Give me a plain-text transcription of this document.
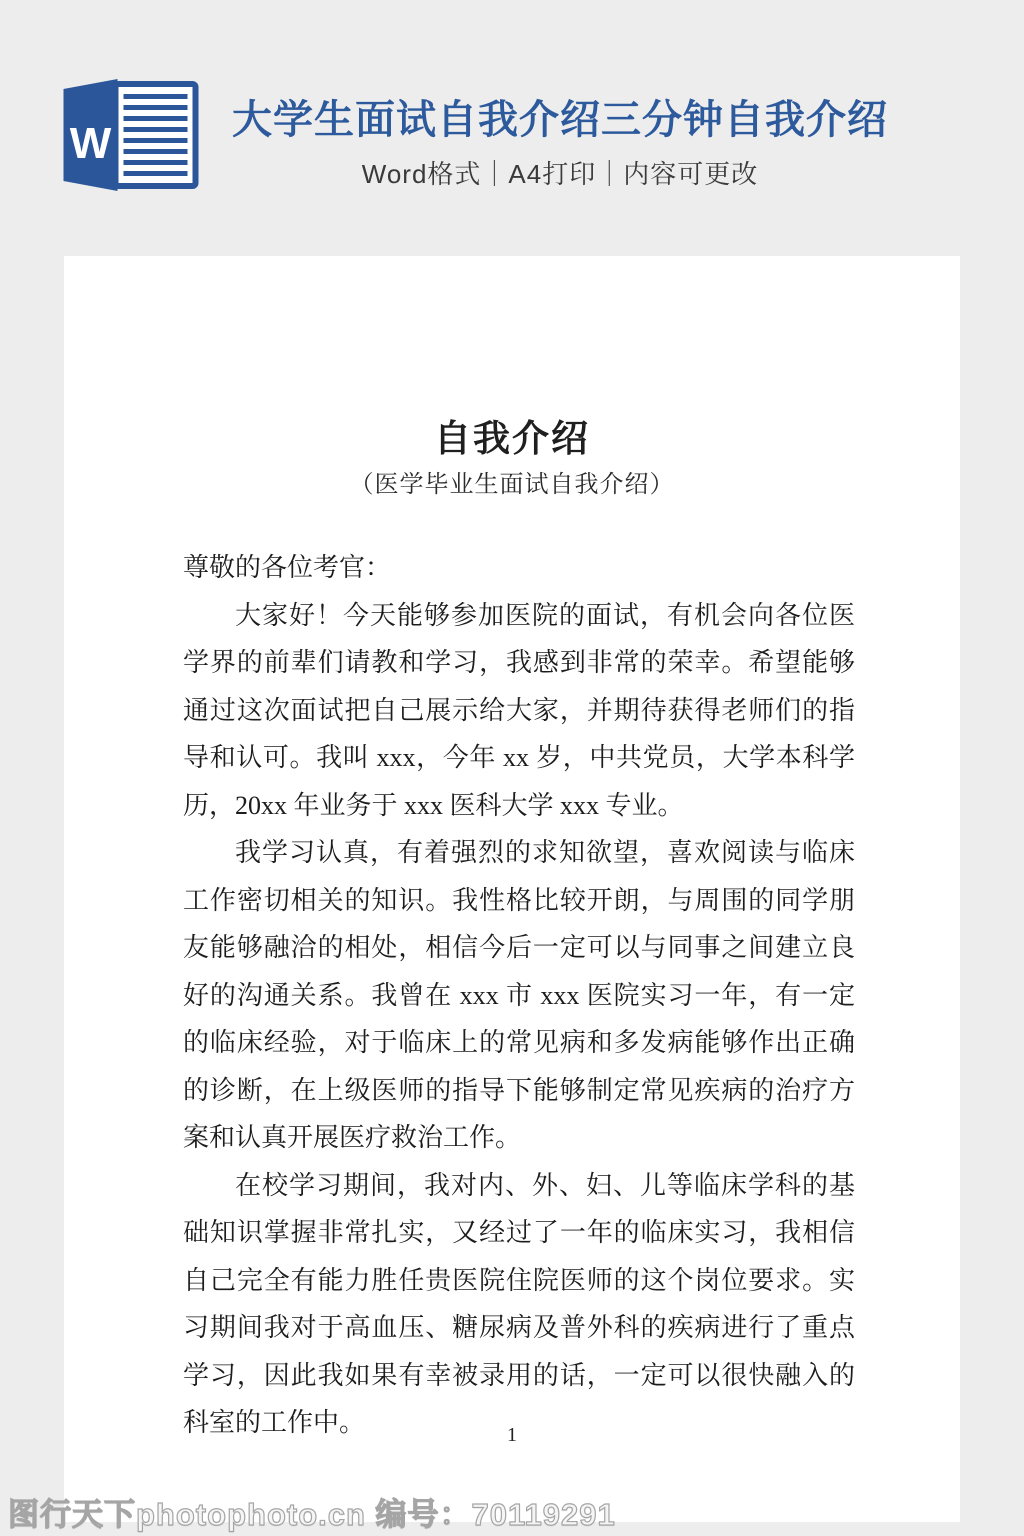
W	大学生面试自我介绍三分钟自我介绍
Word格式｜A4打印｜内容可更改
自我介绍
（医学毕业生面试自我介绍）

尊敬的各位考官：

大家好！今天能够参加医院的面试，有机会向各位医学界的前辈们请教和学习，我感到非常的荣幸。希望能够通过这次面试把自己展示给大家，并期待获得老师们的指导和认可。我叫 xxx，今年 xx 岁，中共党员，大学本科学历，20xx 年业务于 xxx 医科大学 xxx 专业。

我学习认真，有着强烈的求知欲望，喜欢阅读与临床工作密切相关的知识。我性格比较开朗，与周围的同学朋友能够融洽的相处，相信今后一定可以与同事之间建立良好的沟通关系。我曾在 xxx 市 xxx 医院实习一年，有一定的临床经验，对于临床上的常见病和多发病能够作出正确的诊断，在上级医师的指导下能够制定常见疾病的治疗方案和认真开展医疗救治工作。

在校学习期间，我对内、外、妇、儿等临床学科的基础知识掌握非常扎实，又经过了一年的临床实习，我相信自己完全有能力胜任贵医院住院医师的这个岗位要求。实习期间我对于高血压、糖尿病及普外科的疾病进行了重点学习，因此我如果有幸被录用的话，一定可以很快融入的科室的工作中。	1
图行天下photophoto.cn 编号：70119291
